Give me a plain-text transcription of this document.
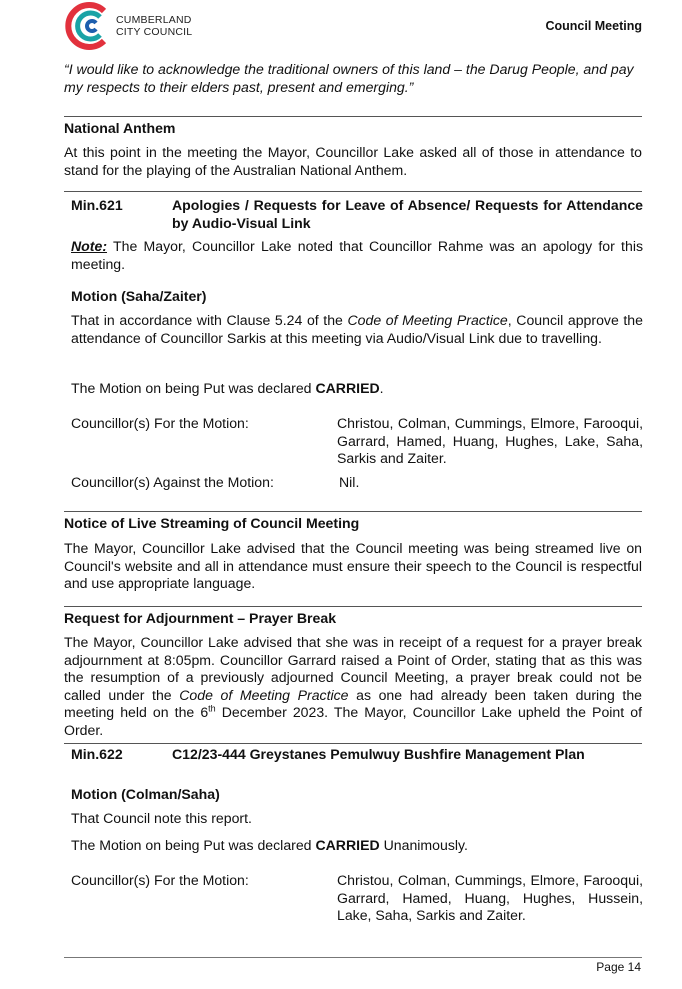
CUMBERLAND
CITY COUNCIL	Council Meeting
“I would like to acknowledge the traditional owners of this land – the Darug People, and pay my respects to their elders past, present and emerging.”
National Anthem
At this point in the meeting the Mayor, Councillor Lake asked all of those in attendance to stand for the playing of the Australian National Anthem.
Min.621	Apologies / Requests for Leave of Absence/ Requests for Attendance by Audio-Visual Link
Note: The Mayor, Councillor Lake noted that Councillor Rahme was an apology for this meeting.
Motion (Saha/Zaiter)
That in accordance with Clause 5.24 of the Code of Meeting Practice, Council approve the attendance of Councillor Sarkis at this meeting via Audio/Visual Link due to travelling.
The Motion on being Put was declared CARRIED.
Councillor(s) For the Motion:	Christou, Colman, Cummings, Elmore, Farooqui, Garrard, Hamed, Huang, Hughes, Lake, Saha, Sarkis and Zaiter.
Councillor(s) Against the Motion:	Nil.
Notice of Live Streaming of Council Meeting
The Mayor, Councillor Lake advised that the Council meeting was being streamed live on Council's website and all in attendance must ensure their speech to the Council is respectful and use appropriate language.
Request for Adjournment – Prayer Break
The Mayor, Councillor Lake advised that she was in receipt of a request for a prayer break adjournment at 8:05pm. Councillor Garrard raised a Point of Order, stating that as this was the resumption of a previously adjourned Council Meeting, a prayer break could not be called under the Code of Meeting Practice as one had already been taken during the meeting held on the 6th December 2023. The Mayor, Councillor Lake upheld the Point of Order.
Min.622	C12/23-444 Greystanes Pemulwuy Bushfire Management Plan
Motion (Colman/Saha)
That Council note this report.
The Motion on being Put was declared CARRIED Unanimously.
Councillor(s) For the Motion:	Christou, Colman, Cummings, Elmore, Farooqui, Garrard, Hamed, Huang, Hughes, Hussein, Lake, Saha, Sarkis and Zaiter.
Page 14
